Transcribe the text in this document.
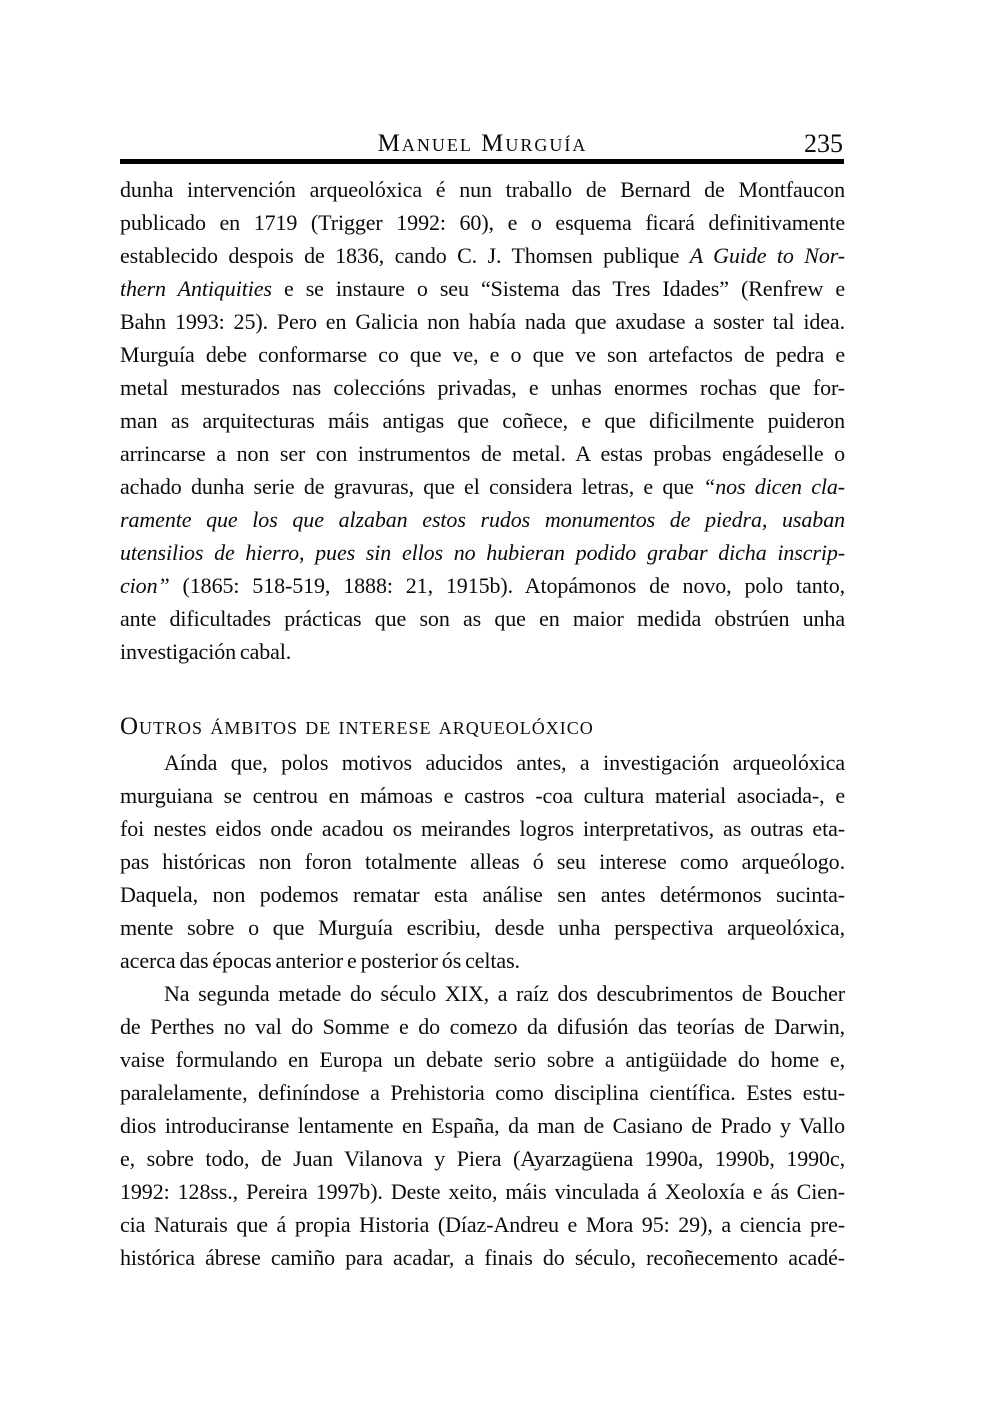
Manuel Murguía	235
dunha intervención arqueolóxica é nun traballo de Bernard de Montfaucon
publicado en 1719 (Trigger 1992: 60), e o esquema ficará definitivamente
establecido despois de 1836, cando C. J. Thomsen publique A Guide to Nor-
thern Antiquities e se instaure o seu “Sistema das Tres Idades” (Renfrew e
Bahn 1993: 25). Pero en Galicia non había nada que axudase a soster tal idea.
Murguía debe conformarse co que ve, e o que ve son artefactos de pedra e
metal mesturados nas coleccións privadas, e unhas enormes rochas que for-
man as arquitecturas máis antigas que coñece, e que dificilmente puideron
arrincarse a non ser con instrumentos de metal. A estas probas engádeselle o
achado dunha serie de gravuras, que el considera letras, e que “nos dicen cla-
ramente que los que alzaban estos rudos monumentos de piedra, usaban
utensilios de hierro, pues sin ellos no hubieran podido grabar dicha inscrip-
cion” (1865: 518-519, 1888: 21, 1915b). Atopámonos de novo, polo tanto,
ante dificultades prácticas que son as que en maior medida obstrúen unha
investigación cabal.
Outros ámbitos de interese arqueolóxico
Aínda que, polos motivos aducidos antes, a investigación arqueolóxica
murguiana se centrou en mámoas e castros -coa cultura material asociada-, e
foi nestes eidos onde acadou os meirandes logros interpretativos, as outras eta-
pas históricas non foron totalmente alleas ó seu interese como arqueólogo.
Daquela, non podemos rematar esta análise sen antes detérmonos sucinta-
mente sobre o que Murguía escribiu, desde unha perspectiva arqueolóxica,
acerca das épocas anterior e posterior ós celtas.
Na segunda metade do século XIX, a raíz dos descubrimentos de Boucher
de Perthes no val do Somme e do comezo da difusión das teorías de Darwin,
vaise formulando en Europa un debate serio sobre a antigüidade do home e,
paralelamente, definíndose a Prehistoria como disciplina científica. Estes estu-
dios introduciranse lentamente en España, da man de Casiano de Prado y Vallo
e, sobre todo, de Juan Vilanova y Piera (Ayarzagüena 1990a, 1990b, 1990c,
1992: 128ss., Pereira 1997b). Deste xeito, máis vinculada á Xeoloxía e ás Cien-
cia Naturais que á propia Historia (Díaz-Andreu e Mora 95: 29), a ciencia pre-
histórica ábrese camiño para acadar, a finais do século, recoñecemento acadé-
